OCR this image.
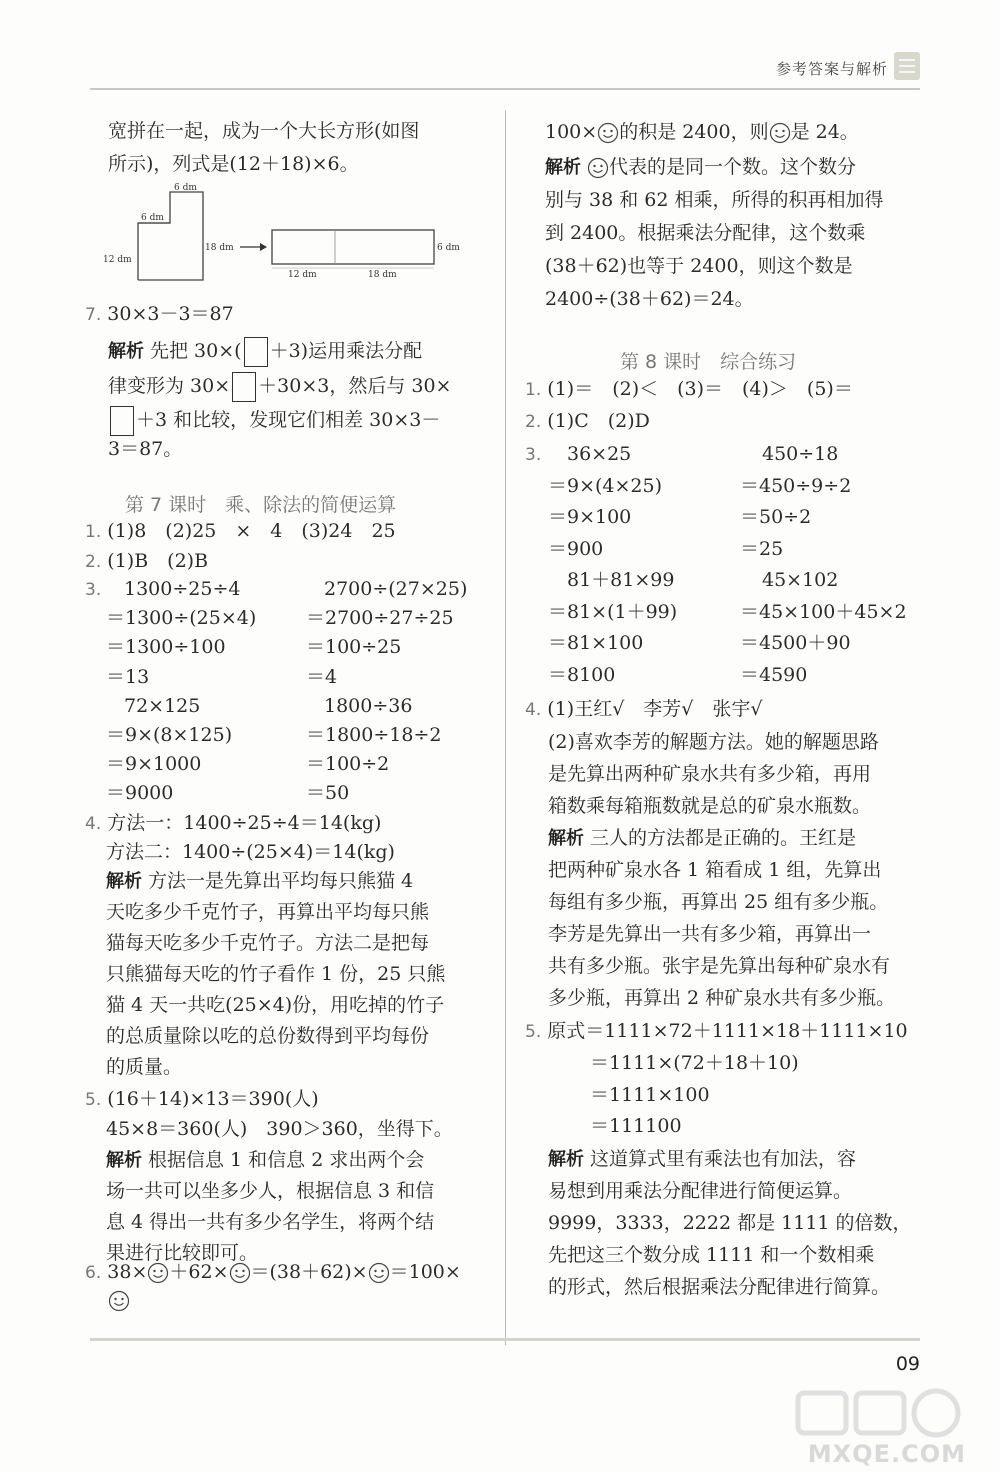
参考答案与解析
宽拼在一起，成为一个大长方形(如图
所示)，列式是(12＋18)×6。
6 dm
6 dm
12 dm
18 dm	6 dm
12 dm	18 dm
7. 30×3－3＝87
解析 先把 30×( ＋3)运用乘法分配
律变形为 30× ＋30×3，然后与 30×
＋3 和比较，发现它们相差 30×3－
3＝87。
第 7 课时　乘、除法的简便运算
1. (1)8　(2)25　×　4　(3)24　25
2. (1)B　(2)B
3. 1300÷25÷4
＝1300÷(25×4)
＝1300÷100
＝13
72×125
＝9×(8×125)
＝9×1000
＝9000
2700÷(27×25)
＝2700÷27÷25
＝100÷25
＝4
1800÷36
＝1800÷18÷2
＝100÷2
＝50
4. 方法一：1400÷25÷4＝14(kg)
方法二：1400÷(25×4)＝14(kg)
解析 方法一是先算出平均每只熊猫 4
天吃多少千克竹子，再算出平均每只熊
猫每天吃多少千克竹子。方法二是把每
只熊猫每天吃的竹子看作 1 份，25 只熊
猫 4 天一共吃(25×4)份，用吃掉的竹子
的总质量除以吃的总份数得到平均每份
的质量。
5. (16＋14)×13＝390(人)
45×8＝360(人)　390＞360，坐得下。
解析 根据信息 1 和信息 2 求出两个会
场一共可以坐多少人，根据信息 3 和信
息 4 得出一共有多少名学生，将两个结
果进行比较即可。
6. 38× ＋62× ＝(38＋62)× ＝100×
100× 的积是 2400，则 是 24。
解析 代表的是同一个数。这个数分
别与 38 和 62 相乘，所得的积再相加得
到 2400。根据乘法分配律，这个数乘
(38＋62)也等于 2400，则这个数是
2400÷(38＋62)＝24。
第 8 课时　综合练习
1. (1)＝　(2)＜　(3)＝　(4)＞　(5)＝
2. (1)C　(2)D
3. 36×25
＝9×(4×25)
＝9×100
＝900
81＋81×99
＝81×(1＋99)
＝81×100
＝8100
450÷18
＝450÷9÷2
＝50÷2
＝25
45×102
＝45×100＋45×2
＝4500＋90
＝4590
4. (1)王红√　李芳√　张宇√
(2)喜欢李芳的解题方法。她的解题思路
是先算出两种矿泉水共有多少箱，再用
箱数乘每箱瓶数就是总的矿泉水瓶数。
解析 三人的方法都是正确的。王红是
把两种矿泉水各 1 箱看成 1 组，先算出
每组有多少瓶，再算出 25 组有多少瓶。
李芳是先算出一共有多少箱，再算出一
共有多少瓶。张宇是先算出每种矿泉水有
多少瓶，再算出 2 种矿泉水共有多少瓶。
5. 原式＝1111×72＋1111×18＋1111×10
＝1111×(72＋18＋10)
＝1111×100
＝111100
解析 这道算式里有乘法也有加法，容
易想到用乘法分配律进行简便运算。
9999，3333，2222 都是 1111 的倍数，
先把这三个数分成 1111 和一个数相乘
的形式，然后根据乘法分配律进行简算。
09
MXQE.COM
